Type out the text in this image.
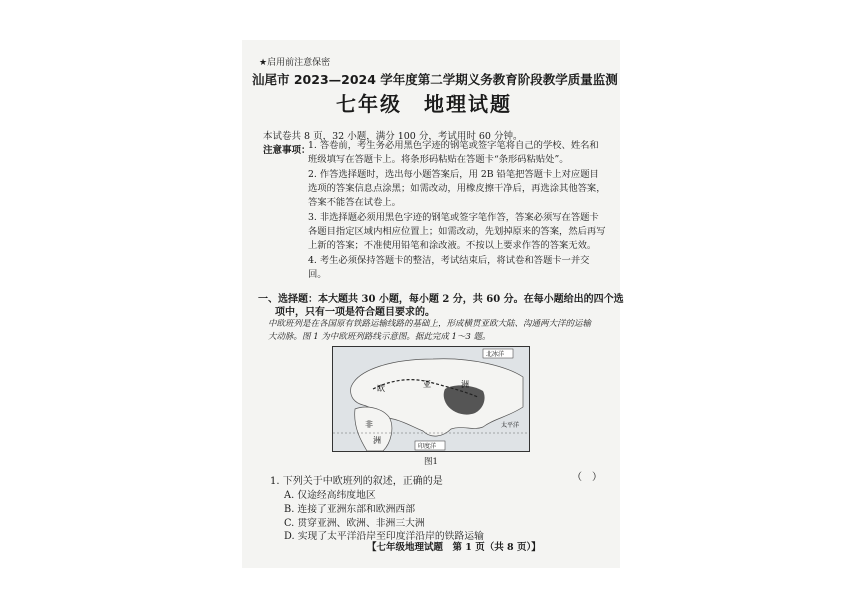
★启用前注意保密
汕尾市 2023—2024 学年度第二学期义务教育阶段教学质量监测
七年级　地理试题
本试卷共 8 页，32 小题，满分 100 分，考试用时 60 分钟。
注意事项：
1. 答卷前，考生务必用黑色字迹的钢笔或签字笔将自己的学校、姓名和班级填写在答题卡上。将条形码粘贴在答题卡“条形码粘贴处”。
2. 作答选择题时，选出每小题答案后，用 2B 铅笔把答题卡上对应题目选项的答案信息点涂黑；如需改动，用橡皮擦干净后，再选涂其他答案，答案不能答在试卷上。
3. 非选择题必须用黑色字迹的钢笔或签字笔作答，答案必须写在答题卡各题目指定区域内相应位置上；如需改动，先划掉原来的答案，然后再写上新的答案；不准使用铅笔和涂改液。不按以上要求作答的答案无效。
4. 考生必须保持答题卡的整洁，考试结束后，将试卷和答题卡一并交回。
一、选择题：本大题共 30 小题，每小题 2 分，共 60 分。在每小题给出的四个选
项中，只有一项是符合题目要求的。
中欧班列是在各国原有铁路运输线路的基础上，形成横贯亚欧大陆、沟通两大洋的运输大动脉。图 1 为中欧班列路线示意图。据此完成 1～3 题。
北冰洋
欧	亚	洲
非
洲
印度洋
太平洋
图1
1. 下列关于中欧班列的叙述，正确的是	（　）
A. 仅途经高纬度地区
B. 连接了亚洲东部和欧洲西部
C. 贯穿亚洲、欧洲、非洲三大洲
D. 实现了太平洋沿岸至印度洋沿岸的铁路运输
【七年级地理试题　第 1 页（共 8 页）】
